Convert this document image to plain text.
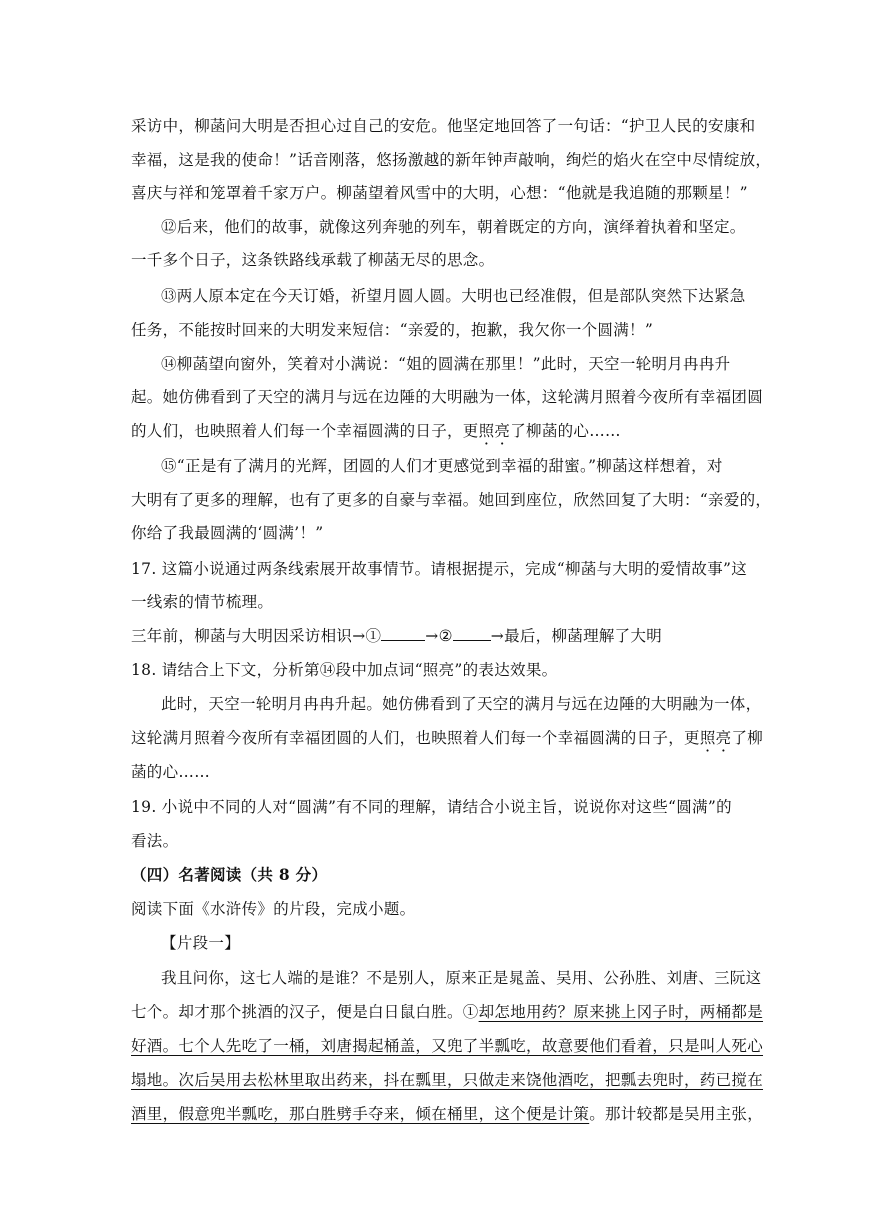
采访中，柳菡问大明是否担心过自己的安危。他坚定地回答了一句话：“护卫人民的安康和
幸福，这是我的使命！”话音刚落，悠扬激越的新年钟声敲响，绚烂的焰火在空中尽情绽放，
喜庆与祥和笼罩着千家万户。柳菡望着风雪中的大明，心想：“他就是我追随的那颗星！”
⑫后来，他们的故事，就像这列奔驰的列车，朝着既定的方向，演绎着执着和坚定。
一千多个日子，这条铁路线承载了柳菡无尽的思念。
⑬两人原本定在今天订婚，祈望月圆人圆。大明也已经准假，但是部队突然下达紧急
任务，不能按时回来的大明发来短信：“亲爱的，抱歉，我欠你一个圆满！”
⑭柳菡望向窗外，笑着对小满说：“姐的圆满在那里！”此时，天空一轮明月冉冉升
起。她仿佛看到了天空的满月与远在边陲的大明融为一体，这轮满月照着今夜所有幸福团圆
的人们，也映照着人们每一个幸福圆满的日子，更照亮了柳菡的心……
⑮“正是有了满月的光辉，团圆的人们才更感觉到幸福的甜蜜。”柳菡这样想着，对
大明有了更多的理解，也有了更多的自豪与幸福。她回到座位，欣然回复了大明：“亲爱的，
你给了我最圆满的‘圆满’！”
17. 这篇小说通过两条线索展开故事情节。请根据提示，完成“柳菡与大明的爱情故事”这
一线索的情节梳理。
三年前，柳菡与大明因采访相识→①	→② →最后，柳菡理解了大明
18. 请结合上下文，分析第⑭段中加点词“照亮”的表达效果。
此时，天空一轮明月冉冉升起。她仿佛看到了天空的满月与远在边陲的大明融为一体，
这轮满月照着今夜所有幸福团圆的人们，也映照着人们每一个幸福圆满的日子，更照亮了柳
菡的心……
19. 小说中不同的人对“圆满”有不同的理解，请结合小说主旨，说说你对这些“圆满”的
看法。
（四）名著阅读（共 8 分）
阅读下面《水浒传》的片段，完成小题。
【片段一】
我且问你，这七人端的是谁？不是别人，原来正是晁盖、吴用、公孙胜、刘唐、三阮这
七个。却才那个挑酒的汉子，便是白日鼠白胜。①却怎地用药？原来挑上冈子时，两桶都是
好酒。七个人先吃了一桶，刘唐揭起桶盖，又兜了半瓢吃，故意要他们看着，只是叫人死心
塌地。次后吴用去松林里取出药来，抖在瓢里，只做走来饶他酒吃，把瓢去兜时，药已搅在
酒里，假意兜半瓢吃，那白胜劈手夺来，倾在桶里，这个便是计策。那计较都是吴用主张，
